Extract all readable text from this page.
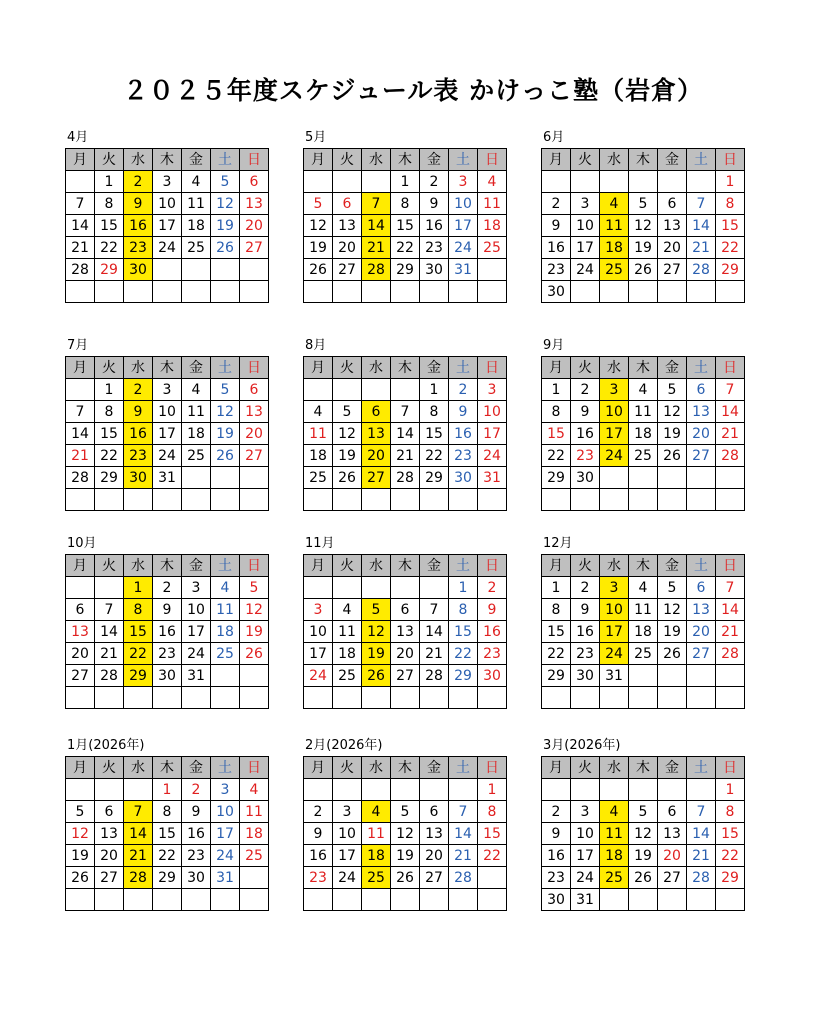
２０２５年度スケジュール表 かけっこ塾（岩倉）
4月
月	火	水	木	金	土	日
	1	2	3	4	5	6
7	8	9	10	11	12	13
14	15	16	17	18	19	20
21	22	23	24	25	26	27
28	29	30				

5月
月	火	水	木	金	土	日
			1	2	3	4
5	6	7	8	9	10	11
12	13	14	15	16	17	18
19	20	21	22	23	24	25
26	27	28	29	30	31	

6月
月	火	水	木	金	土	日
						1
2	3	4	5	6	7	8
9	10	11	12	13	14	15
16	17	18	19	20	21	22
23	24	25	26	27	28	29
30						
7月
月	火	水	木	金	土	日
	1	2	3	4	5	6
7	8	9	10	11	12	13
14	15	16	17	18	19	20
21	22	23	24	25	26	27
28	29	30	31			

8月
月	火	水	木	金	土	日
				1	2	3
4	5	6	7	8	9	10
11	12	13	14	15	16	17
18	19	20	21	22	23	24
25	26	27	28	29	30	31

9月
月	火	水	木	金	土	日
1	2	3	4	5	6	7
8	9	10	11	12	13	14
15	16	17	18	19	20	21
22	23	24	25	26	27	28
29	30					

10月
月	火	水	木	金	土	日
		1	2	3	4	5
6	7	8	9	10	11	12
13	14	15	16	17	18	19
20	21	22	23	24	25	26
27	28	29	30	31		

11月
月	火	水	木	金	土	日
					1	2
3	4	5	6	7	8	9
10	11	12	13	14	15	16
17	18	19	20	21	22	23
24	25	26	27	28	29	30

12月
月	火	水	木	金	土	日
1	2	3	4	5	6	7
8	9	10	11	12	13	14
15	16	17	18	19	20	21
22	23	24	25	26	27	28
29	30	31				

1月(2026年)
月	火	水	木	金	土	日
			1	2	3	4
5	6	7	8	9	10	11
12	13	14	15	16	17	18
19	20	21	22	23	24	25
26	27	28	29	30	31	

2月(2026年)
月	火	水	木	金	土	日
						1
2	3	4	5	6	7	8
9	10	11	12	13	14	15
16	17	18	19	20	21	22
23	24	25	26	27	28	

3月(2026年)
月	火	水	木	金	土	日
						1
2	3	4	5	6	7	8
9	10	11	12	13	14	15
16	17	18	19	20	21	22
23	24	25	26	27	28	29
30	31					
